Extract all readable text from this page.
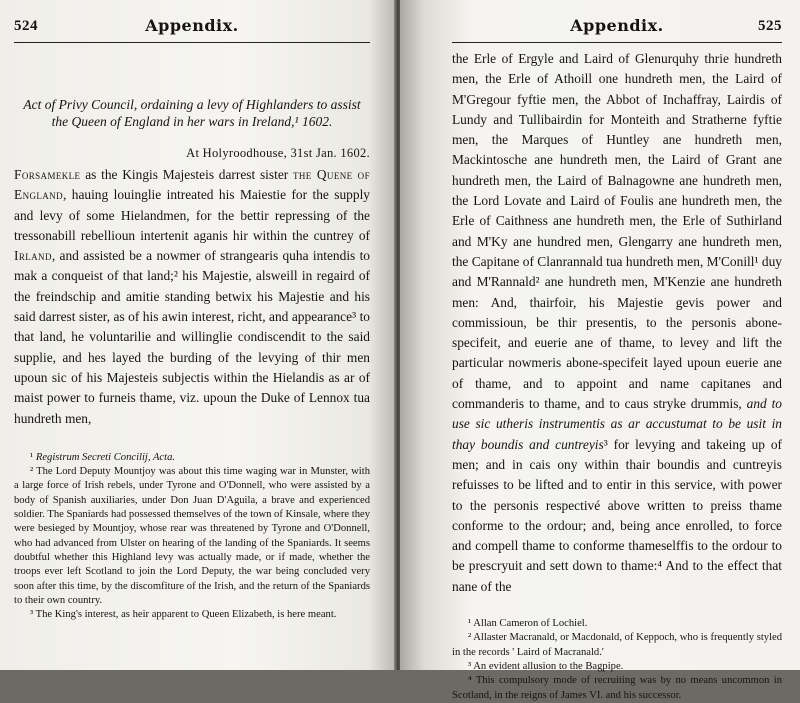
524	Appendix.
Act of Privy Council, ordaining a levy of Highlanders to assist the Queen of England in her wars in Ireland,¹ 1602.
At Holyroodhouse, 31st Jan. 1602.

Forsamekle as the Kingis Majesteis darrest sister the Quene of England, hauing louinglie intreated his Maiestie for the supply and levy of some Hielandmen, for the bettir repressing of the tressonabill rebellioun intertenit aganis hir within the cuntrey of Irland, and assisted be a nowmer of strangearis quha intendis to mak a conqueist of that land;² his Majestie, alsweill in regaird of the freindschip and amitie standing betwix his Majestie and his said darrest sister, as of his awin interest, richt, and appearance³ to that land, he voluntarilie and willinglie condiscendit to the said supplie, and hes layed the burding of the levying of thir men upoun sic of his Majesteis subjectis within the Hielandis as ar of maist power to furneis thame, viz. upoun the Duke of Lennox tua hundreth men,

¹ Registrum Secreti Concilij, Acta.

² The Lord Deputy Mountjoy was about this time waging war in Munster, with a large force of Irish rebels, under Tyrone and O'Donnell, who were assisted by a body of Spanish auxiliaries, under Don Juan D'Aguila, a brave and experienced soldier. The Spaniards had possessed themselves of the town of Kinsale, where they were besieged by Mountjoy, whose rear was threatened by Tyrone and O'Donnell, who had advanced from Ulster on hearing of the landing of the Spaniards. It seems doubtful whether this Highland levy was actually made, or if made, whether the troops ever left Scotland to join the Lord Deputy, the war being concluded very soon after this time, by the discomfiture of the Irish, and the return of the Spaniards to their own country.

³ The King's interest, as heir apparent to Queen Elizabeth, is here meant.

Appendix.	525

the Erle of Ergyle and Laird of Glenurquhy thrie hundreth men, the Erle of Athoill one hundreth men, the Laird of M'Gregour fyftie men, the Abbot of Inchaffray, Lairdis of Lundy and Tullibairdin for Monteith and Stratherne fyftie men, the Marques of Huntley ane hundreth men, Mackintosche ane hundreth men, the Laird of Grant ane hundreth men, the Laird of Balnagowne ane hundreth men, the Lord Lovate and Laird of Foulis ane hundreth men, the Erle of Caithness ane hundreth men, the Erle of Suthirland and M'Ky ane hundred men, Glengarry ane hundreth men, the Capitane of Clanrannald tua hundreth men, M'Conill¹ duy and M'Rannald² ane hundreth men, M'Kenzie ane hundreth men: And, thairfoir, his Majestie gevis power and commissioun, be thir presentis, to the personis abone-specifeit, and euerie ane of thame, to levey and lift the particular nowmeris abone-specifeit layed upoun euerie ane of thame, and to appoint and name capitanes and commanderis to thame, and to caus stryke drummis, and to use sic utheris instrumentis as ar accustumat to be usit in thay boundis and cuntreyis³ for levying and takeing up of men; and in cais ony within thair boundis and cuntreyis refuisses to be lifted and to entir in this service, with power to the personis respectivé above written to preiss thame conforme to the ordour; and, being ance enrolled, to force and compell thame to conforme thameselffis to the ordour to be prescryuit and sett down to thame:⁴ And to the effect that nane of the

¹ Allan Cameron of Lochiel.

² Allaster Macranald, or Macdonald, of Keppoch, who is frequently styled in the records ' Laird of Macranald.'

³ An evident allusion to the Bagpipe.

⁴ This compulsory mode of recruiting was by no means uncommon in Scotland, in the reigns of James VI. and his successor.
